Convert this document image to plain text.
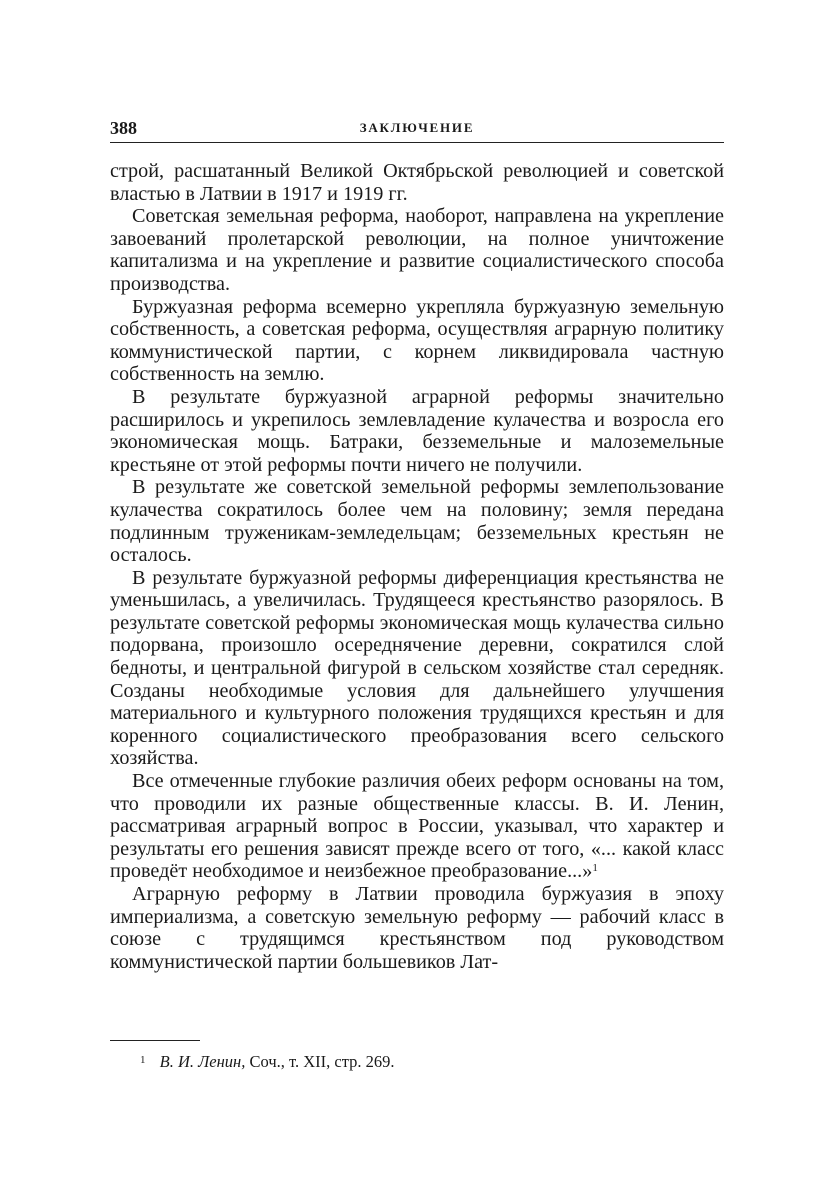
388	ЗАКЛЮЧЕНИЕ

строй, расшатанный Великой Октябрьской революцией и советской властью в Латвии в 1917 и 1919 гг.

Советская земельная реформа, наоборот, направлена на укрепление завоеваний пролетарской революции, на полное уничтожение капитализма и на укрепление и развитие социалистического способа производства.

Буржуазная реформа всемерно укрепляла буржуазную земельную собственность, а советская реформа, осуществляя аграрную политику коммунистической партии, с корнем ликвидировала частную собственность на землю.

В результате буржуазной аграрной реформы значительно расширилось и укрепилось землевладение кулачества и возросла его экономическая мощь. Батраки, безземельные и малоземельные крестьяне от этой реформы почти ничего не получили.

В результате же советской земельной реформы землепользование кулачества сократилось более чем на половину; земля передана подлинным труженикам-земледельцам; безземельных крестьян не осталось.

В результате буржуазной реформы диференциация крестьянства не уменьшилась, а увеличилась. Трудящееся крестьянство разорялось. В результате советской реформы экономическая мощь кулачества сильно подорвана, произошло осереднячение деревни, сократился слой бедноты, и центральной фигурой в сельском хозяйстве стал середняк. Созданы необходимые условия для дальнейшего улучшения материального и культурного положения трудящихся крестьян и для коренного социалистического преобразования всего сельского хозяйства.

Все отмеченные глубокие различия обеих реформ основаны на том, что проводили их разные общественные классы. В. И. Ленин, рассматривая аграрный вопрос в России, указывал, что характер и результаты его решения зависят прежде всего от того, «... какой класс проведёт необходимое и неизбежное преобразование...»$^1$

Аграрную реформу в Латвии проводила буржуазия в эпоху империализма, а советскую земельную реформу — рабочий класс в союзе с трудящимся крестьянством под руководством коммунистической партии большевиков Лат-

$^1$ В. И. Ленин, Соч., т. XII, стр. 269.
